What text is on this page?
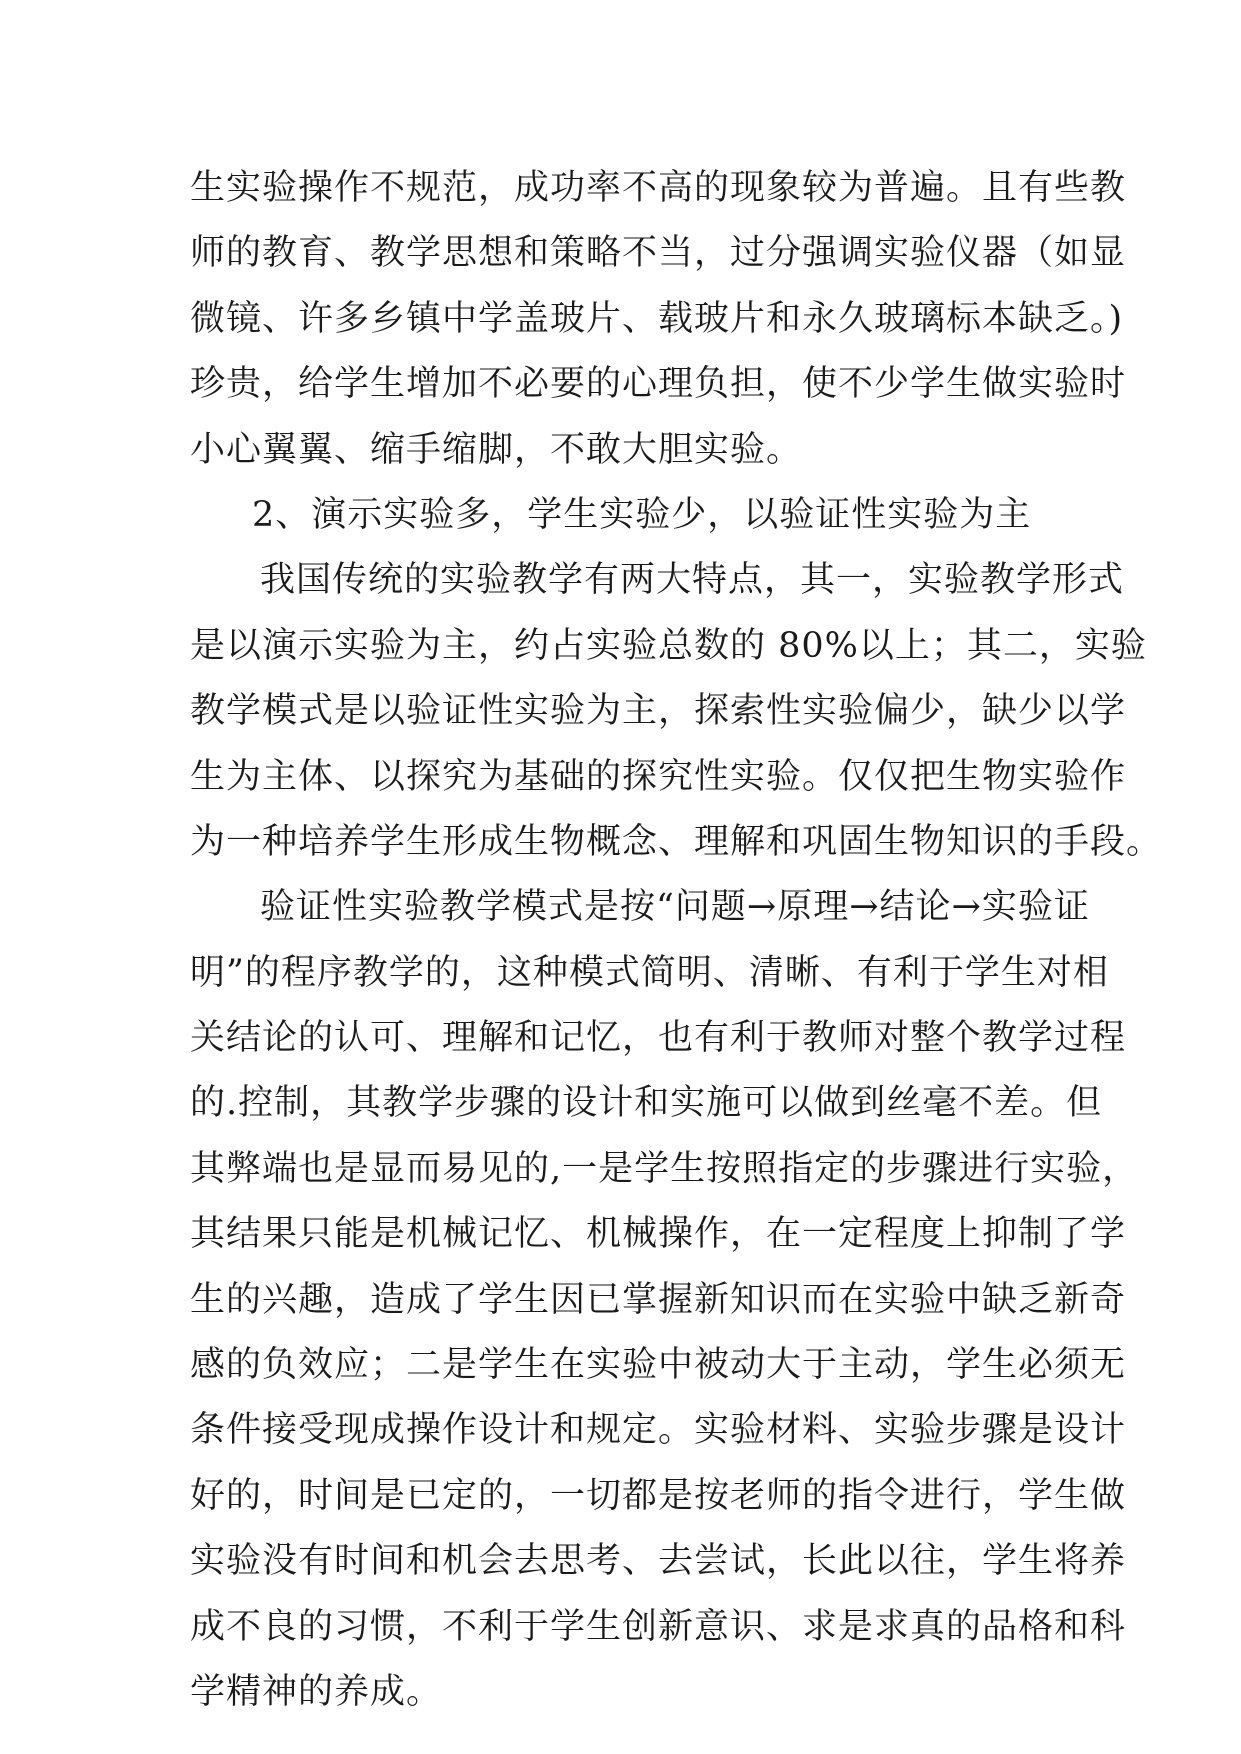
生实验操作不规范，成功率不高的现象较为普遍。且有些教
师的教育、教学思想和策略不当，过分强调实验仪器（如显
微镜、许多乡镇中学盖玻片、载玻片和永久玻璃标本缺乏。)
珍贵，给学生增加不必要的心理负担，使不少学生做实验时
小心翼翼、缩手缩脚，不敢大胆实验。
2、演示实验多，学生实验少，以验证性实验为主
我国传统的实验教学有两大特点，其一，实验教学形式
是以演示实验为主，约占实验总数的 80%以上；其二，实验
教学模式是以验证性实验为主，探索性实验偏少，缺少以学
生为主体、以探究为基础的探究性实验。仅仅把生物实验作
为一种培养学生形成生物概念、理解和巩固生物知识的手段。
验证性实验教学模式是按“问题→原理→结论→实验证
明”的程序教学的，这种模式简明、清晰、有利于学生对相
关结论的认可、理解和记忆，也有利于教师对整个教学过程
的.控制，其教学步骤的设计和实施可以做到丝毫不差。但
其弊端也是显而易见的,一是学生按照指定的步骤进行实验，
其结果只能是机械记忆、机械操作，在一定程度上抑制了学
生的兴趣，造成了学生因已掌握新知识而在实验中缺乏新奇
感的负效应；二是学生在实验中被动大于主动，学生必须无
条件接受现成操作设计和规定。实验材料、实验步骤是设计
好的，时间是已定的，一切都是按老师的指令进行，学生做
实验没有时间和机会去思考、去尝试，长此以往，学生将养
成不良的习惯，不利于学生创新意识、求是求真的品格和科
学精神的养成。
